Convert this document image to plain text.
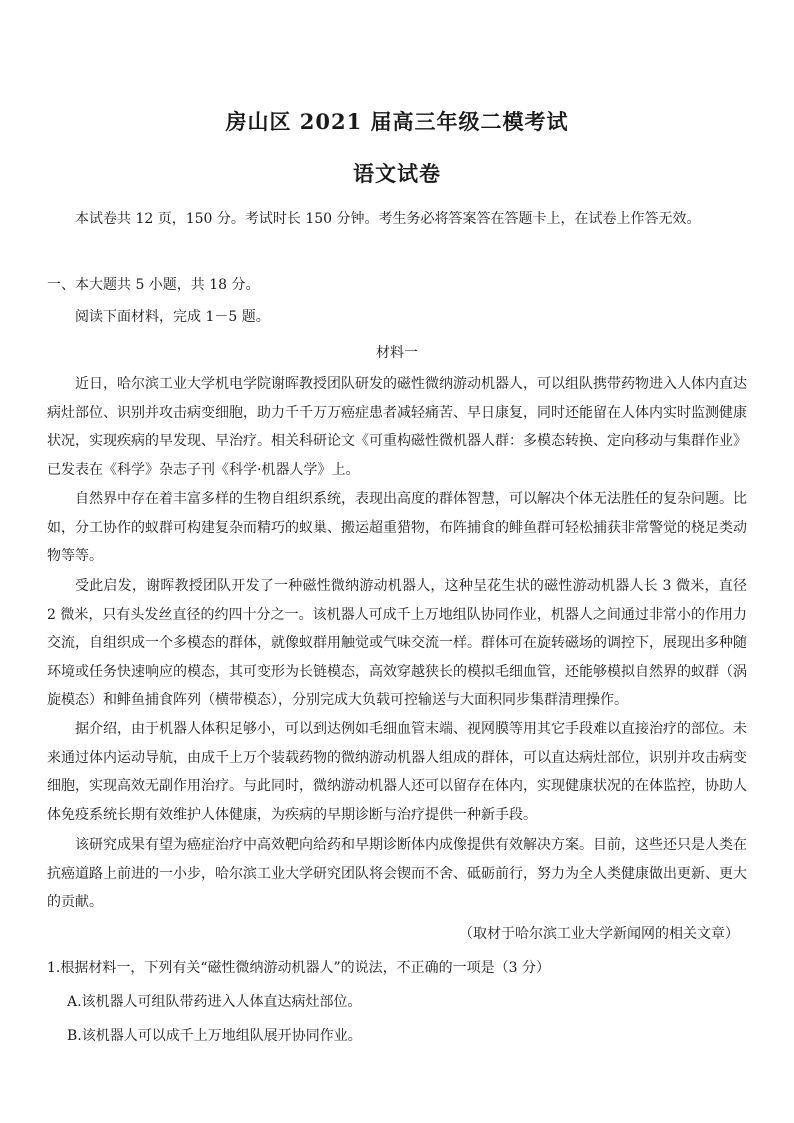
房山区 2021 届高三年级二模考试
语文试卷
本试卷共 12 页，150 分。考试时长 150 分钟。考生务必将答案答在答题卡上，在试卷上作答无效。
一、本大题共 5 小题，共 18 分。
阅读下面材料，完成 1－5 题。
材料一
近日，哈尔滨工业大学机电学院谢晖教授团队研发的磁性微纳游动机器人，可以组队携带药物进入人体内直达病灶部位、识别并攻击病变细胞，助力千千万万癌症患者减轻痛苦、早日康复，同时还能留在人体内实时监测健康状况，实现疾病的早发现、早治疗。相关科研论文《可重构磁性微机器人群：多模态转换、定向移动与集群作业》已发表在《科学》杂志子刊《科学·机器人学》上。
自然界中存在着丰富多样的生物自组织系统，表现出高度的群体智慧，可以解决个体无法胜任的复杂问题。比如，分工协作的蚁群可构建复杂而精巧的蚁巢、搬运超重猎物，布阵捕食的鲱鱼群可轻松捕获非常警觉的桡足类动物等等。
受此启发，谢晖教授团队开发了一种磁性微纳游动机器人，这种呈花生状的磁性游动机器人长 3 微米，直径 2 微米，只有头发丝直径的约四十分之一。该机器人可成千上万地组队协同作业，机器人之间通过非常小的作用力交流，自组织成一个多模态的群体，就像蚁群用触觉或气味交流一样。群体可在旋转磁场的调控下，展现出多种随环境或任务快速响应的模态，其可变形为长链模态，高效穿越狭长的模拟毛细血管，还能够模拟自然界的蚁群（涡旋模态）和鲱鱼捕食阵列（横带模态），分别完成大负载可控输送与大面积同步集群清理操作。
据介绍，由于机器人体积足够小，可以到达例如毛细血管末端、视网膜等用其它手段难以直接治疗的部位。未来通过体内运动导航，由成千上万个装载药物的微纳游动机器人组成的群体，可以直达病灶部位，识别并攻击病变细胞，实现高效无副作用治疗。与此同时，微纳游动机器人还可以留存在体内，实现健康状况的在体监控，协助人体免疫系统长期有效维护人体健康，为疾病的早期诊断与治疗提供一种新手段。
该研究成果有望为癌症治疗中高效靶向给药和早期诊断体内成像提供有效解决方案。目前，这些还只是人类在抗癌道路上前进的一小步，哈尔滨工业大学研究团队将会锲而不舍、砥砺前行，努力为全人类健康做出更新、更大的贡献。
（取材于哈尔滨工业大学新闻网的相关文章）
1.根据材料一，下列有关“磁性微纳游动机器人”的说法，不正确的一项是（3 分）
A.该机器人可组队带药进入人体直达病灶部位。
B.该机器人可以成千上万地组队展开协同作业。
